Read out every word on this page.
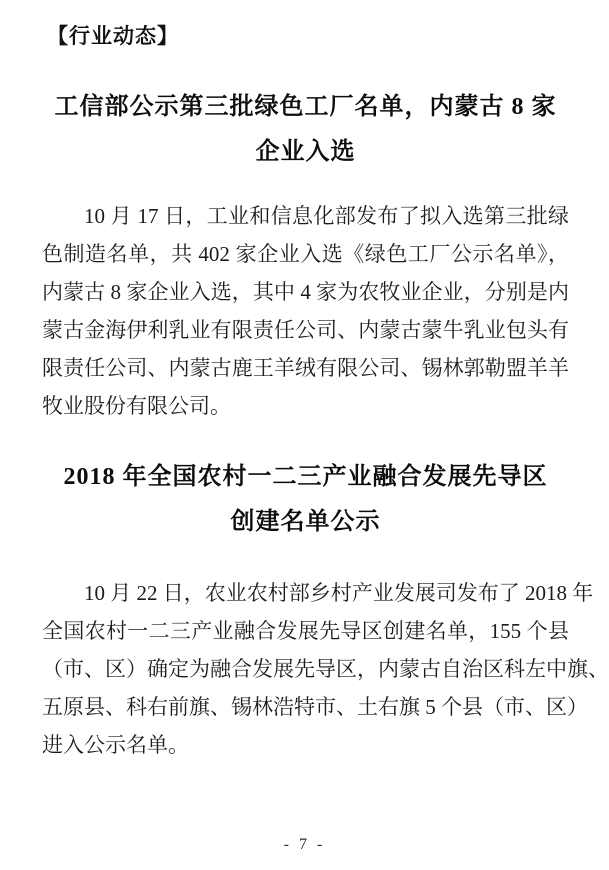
【行业动态】
工信部公示第三批绿色工厂名单，内蒙古 8 家
企业入选
10 月 17 日，工业和信息化部发布了拟入选第三批绿
色制造名单，共 402 家企业入选《绿色工厂公示名单》，
内蒙古 8 家企业入选，其中 4 家为农牧业企业，分别是内
蒙古金海伊利乳业有限责任公司、内蒙古蒙牛乳业包头有
限责任公司、内蒙古鹿王羊绒有限公司、锡林郭勒盟羊羊
牧业股份有限公司。
2018 年全国农村一二三产业融合发展先导区
创建名单公示
10 月 22 日，农业农村部乡村产业发展司发布了 2018 年
全国农村一二三产业融合发展先导区创建名单，155 个县
（市、区）确定为融合发展先导区，内蒙古自治区科左中旗、
五原县、科右前旗、锡林浩特市、土右旗 5 个县（市、区）
进入公示名单。
- 7 -
